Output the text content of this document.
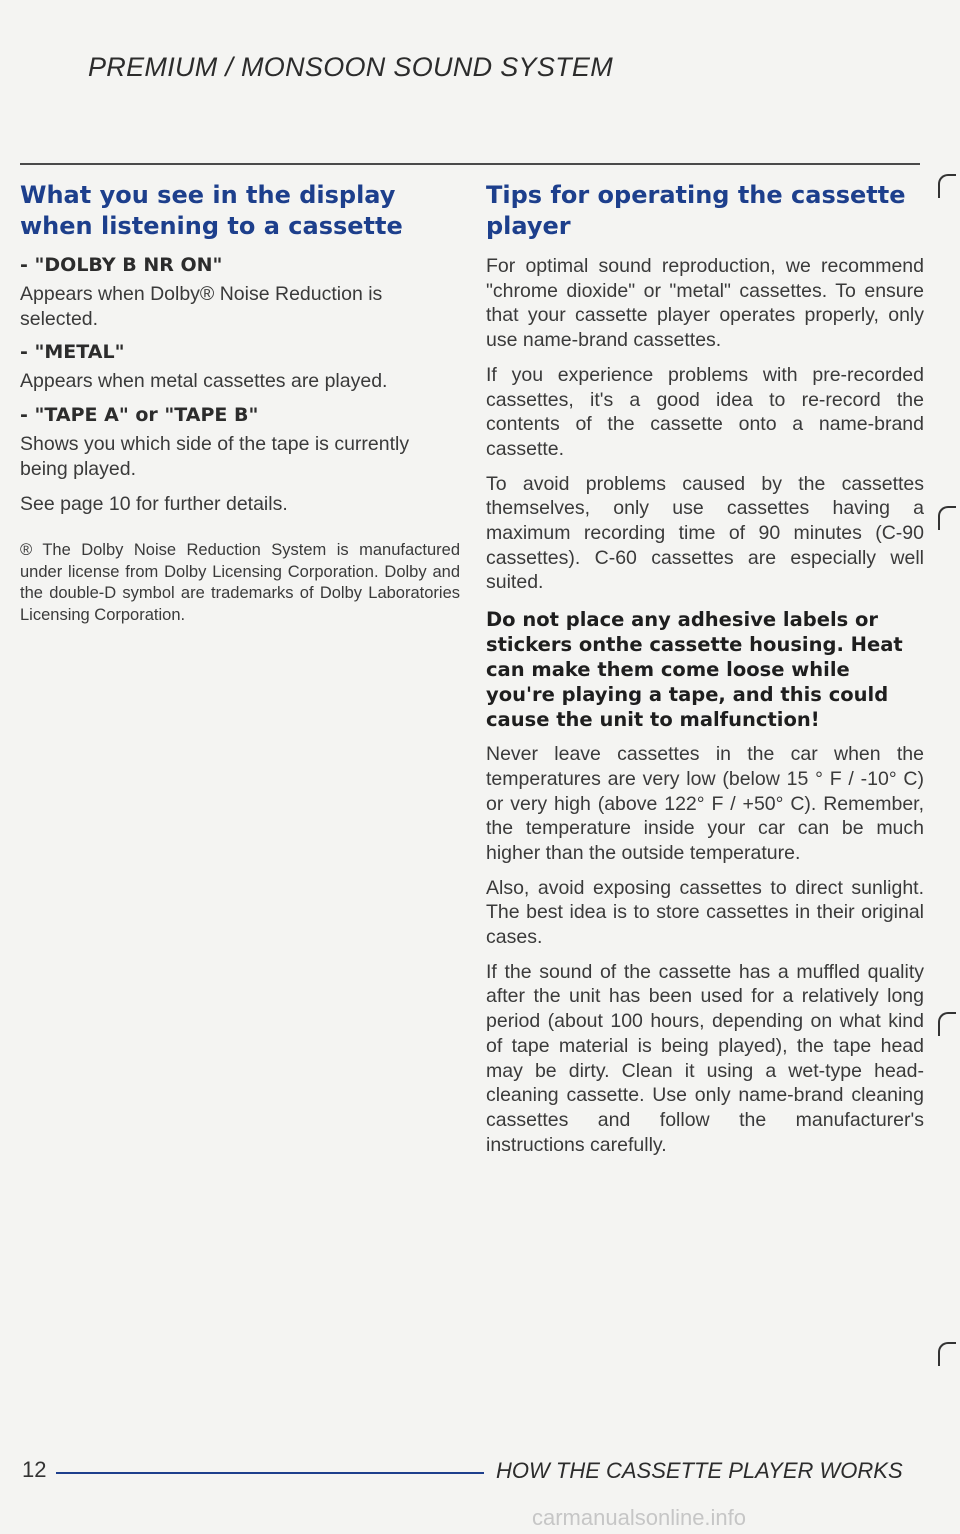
PREMIUM / MONSOON SOUND SYSTEM
What you see in the display when listening to a cassette
- "DOLBY B NR ON"

Appears when Dolby® Noise Reduction is selected.

- "METAL"

Appears when metal cassettes are played.

- "TAPE A" or "TAPE B"

Shows you which side of the tape is currently being played.

See page 10 for further details.

® The Dolby Noise Reduction System is manufactured under license from Dolby Licensing Corporation. Dolby and the double-D symbol are trademarks of Dolby Laboratories Licensing Corporation.

Tips for operating the cassette player

For optimal sound reproduction, we recommend "chrome dioxide" or "metal" cassettes. To ensure that your cassette player operates properly, only use name-brand cassettes.

If you experience problems with pre-recorded cassettes, it's a good idea to re-record the contents of the cassette onto a name-brand cassette.

To avoid problems caused by the cassettes themselves, only use cassettes having a maximum recording time of 90 minutes (C-90 cassettes). C-60 cassettes are especially well suited.

Do not place any adhesive labels or stickers onthe cassette housing. Heat can make them come loose while you're playing a tape, and this could cause the unit to malfunction!

Never leave cassettes in the car when the temperatures are very low (below 15 ° F / -10° C) or very high (above 122° F / +50° C). Remember, the temperature inside your car can be much higher than the outside temperature.

Also, avoid exposing cassettes to direct sunlight. The best idea is to store cassettes in their original cases.

If the sound of the cassette has a muffled quality after the unit has been used for a relatively long period (about 100 hours, depending on what kind of tape material is being played), the tape head may be dirty. Clean it using a wet-type head-cleaning cassette. Use only name-brand cleaning cassettes and follow the manufacturer's instructions carefully.

12	HOW THE CASSETTE PLAYER WORKS
carmanualsonline.info
